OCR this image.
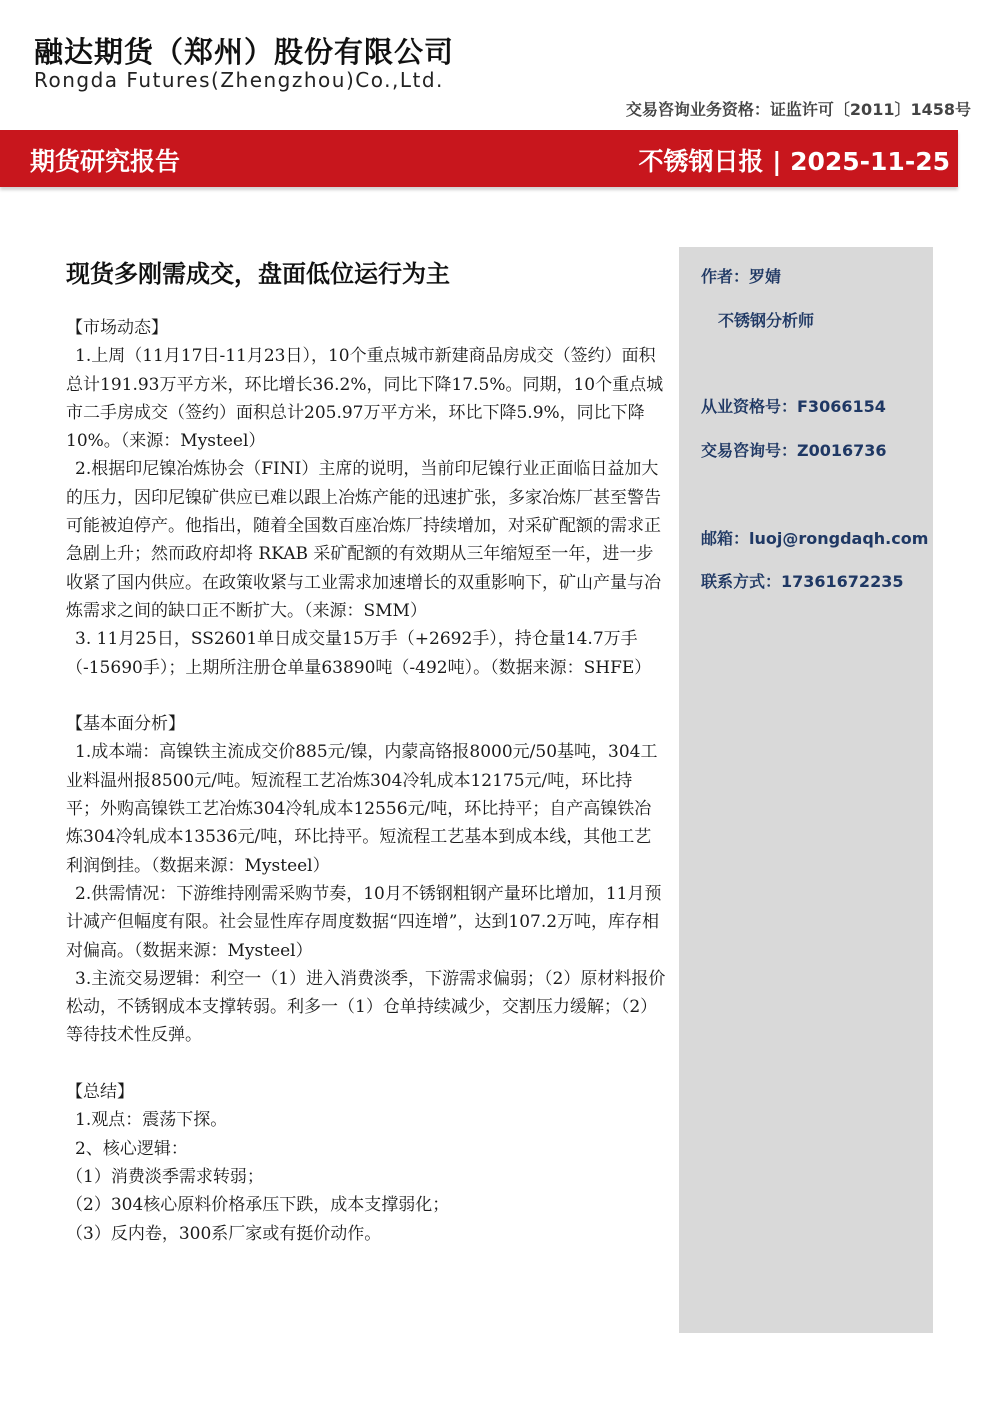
融达期货（郑州）股份有限公司
Rongda Futures(Zhengzhou)Co.,Ltd.
交易咨询业务资格：证监许可〔2011〕1458号
期货研究报告	不锈钢日报 | 2025-11-25
作者：罗婧
不锈钢分析师
从业资格号：F3066154
交易咨询号：Z0016736
邮箱：luoj@rongdaqh.com
联系方式：17361672235
现货多刚需成交，盘面低位运行为主

【市场动态】

1.上周（11月17日-11月23日），10个重点城市新建商品房成交（签约）面积总计191.93万平方米，环比增长36.2%，同比下降17.5%。同期，10个重点城市二手房成交（签约）面积总计205.97万平方米，环比下降5.9%，同比下降10%。（来源：Mysteel）

2.根据印尼镍冶炼协会（FINI）主席的说明，当前印尼镍行业正面临日益加大的压力，因印尼镍矿供应已难以跟上冶炼产能的迅速扩张，多家冶炼厂甚至警告可能被迫停产。他指出，随着全国数百座冶炼厂持续增加，对采矿配额的需求正急剧上升；然而政府却将 RKAB 采矿配额的有效期从三年缩短至一年，进一步收紧了国内供应。在政策收紧与工业需求加速增长的双重影响下，矿山产量与冶炼需求之间的缺口正不断扩大。（来源：SMM）

3. 11月25日，SS2601单日成交量15万手（+2692手），持仓量14.7万手（-15690手）；上期所注册仓单量63890吨（-492吨）。（数据来源：SHFE）

【基本面分析】

1.成本端：高镍铁主流成交价885元/镍，内蒙高铬报8000元/50基吨，304工业料温州报8500元/吨。短流程工艺冶炼304冷轧成本12175元/吨，环比持平；外购高镍铁工艺冶炼304冷轧成本12556元/吨，环比持平；自产高镍铁冶炼304冷轧成本13536元/吨，环比持平。短流程工艺基本到成本线，其他工艺利润倒挂。（数据来源：Mysteel）

2.供需情况：下游维持刚需采购节奏，10月不锈钢粗钢产量环比增加，11月预计减产但幅度有限。社会显性库存周度数据“四连增”，达到107.2万吨，库存相对偏高。（数据来源：Mysteel）

3.主流交易逻辑：利空一（1）进入消费淡季，下游需求偏弱；（2）原材料报价松动，不锈钢成本支撑转弱。利多一（1）仓单持续减少，交割压力缓解；（2）等待技术性反弹。

【总结】

1.观点：震荡下探。

2、核心逻辑：

（1）消费淡季需求转弱；

（2）304核心原料价格承压下跌，成本支撑弱化；

（3）反内卷，300系厂家或有挺价动作。
